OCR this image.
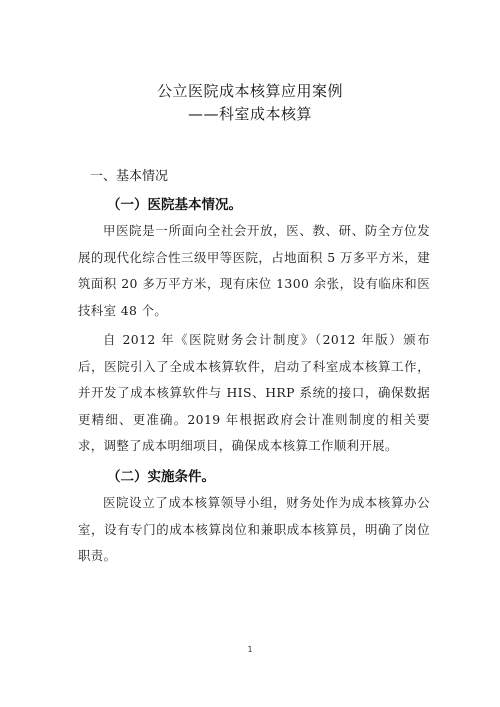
公立医院成本核算应用案例
——科室成本核算
一、基本情况
（一）医院基本情况。

甲医院是一所面向全社会开放，医、教、研、防全方位发展的现代化综合性三级甲等医院，占地面积 5 万多平方米，建筑面积 20 多万平方米，现有床位 1300 余张，设有临床和医技科室 48 个。

自 2012 年《医院财务会计制度》（2012 年版）颁布后，医院引入了全成本核算软件，启动了科室成本核算工作，并开发了成本核算软件与 HIS、HRP 系统的接口，确保数据更精细、更准确。2019 年根据政府会计准则制度的相关要求，调整了成本明细项目，确保成本核算工作顺利开展。

（二）实施条件。

医院设立了成本核算领导小组，财务处作为成本核算办公室，设有专门的成本核算岗位和兼职成本核算员，明确了岗位职责。

1
